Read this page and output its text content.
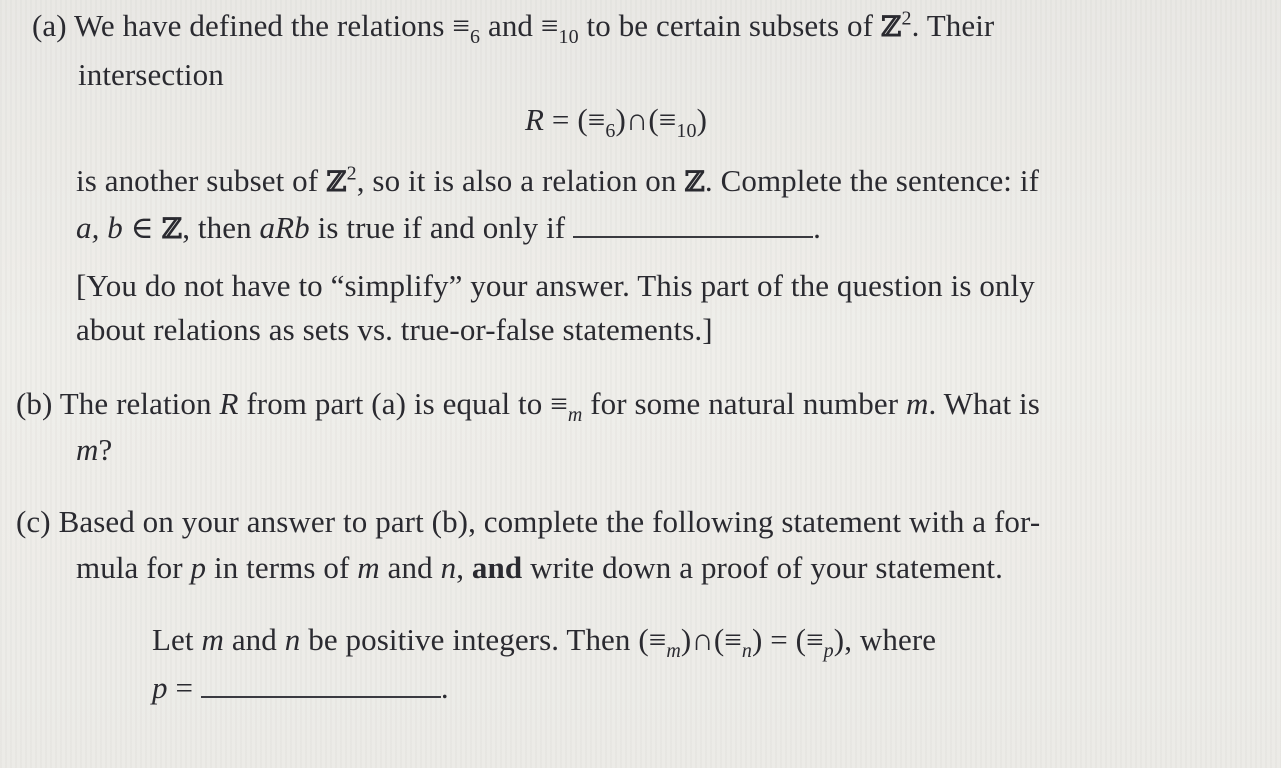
(a) We have defined the relations $\equiv_6$ and $\equiv_{10}$ to be certain subsets of ℤ$^2$. Their
intersection
$R = (\equiv_6)\cap(\equiv_{10})$
is another subset of ℤ$^2$, so it is also a relation on ℤ. Complete the sentence: if
a, b ∈ ℤ, then aRb is true if and only if	.
[You do not have to “simplify” your answer. This part of the question is only
about relations as sets vs. true-or-false statements.]
(b) The relation R from part (a) is equal to $\equiv_m$ for some natural number m. What is
m?
(c) Based on your answer to part (b), complete the following statement with a for-
mula for p in terms of m and n, and write down a proof of your statement.
Let m and n be positive integers. Then $(\equiv_m)\cap(\equiv_n) = (\equiv_p)$, where
p =	.
